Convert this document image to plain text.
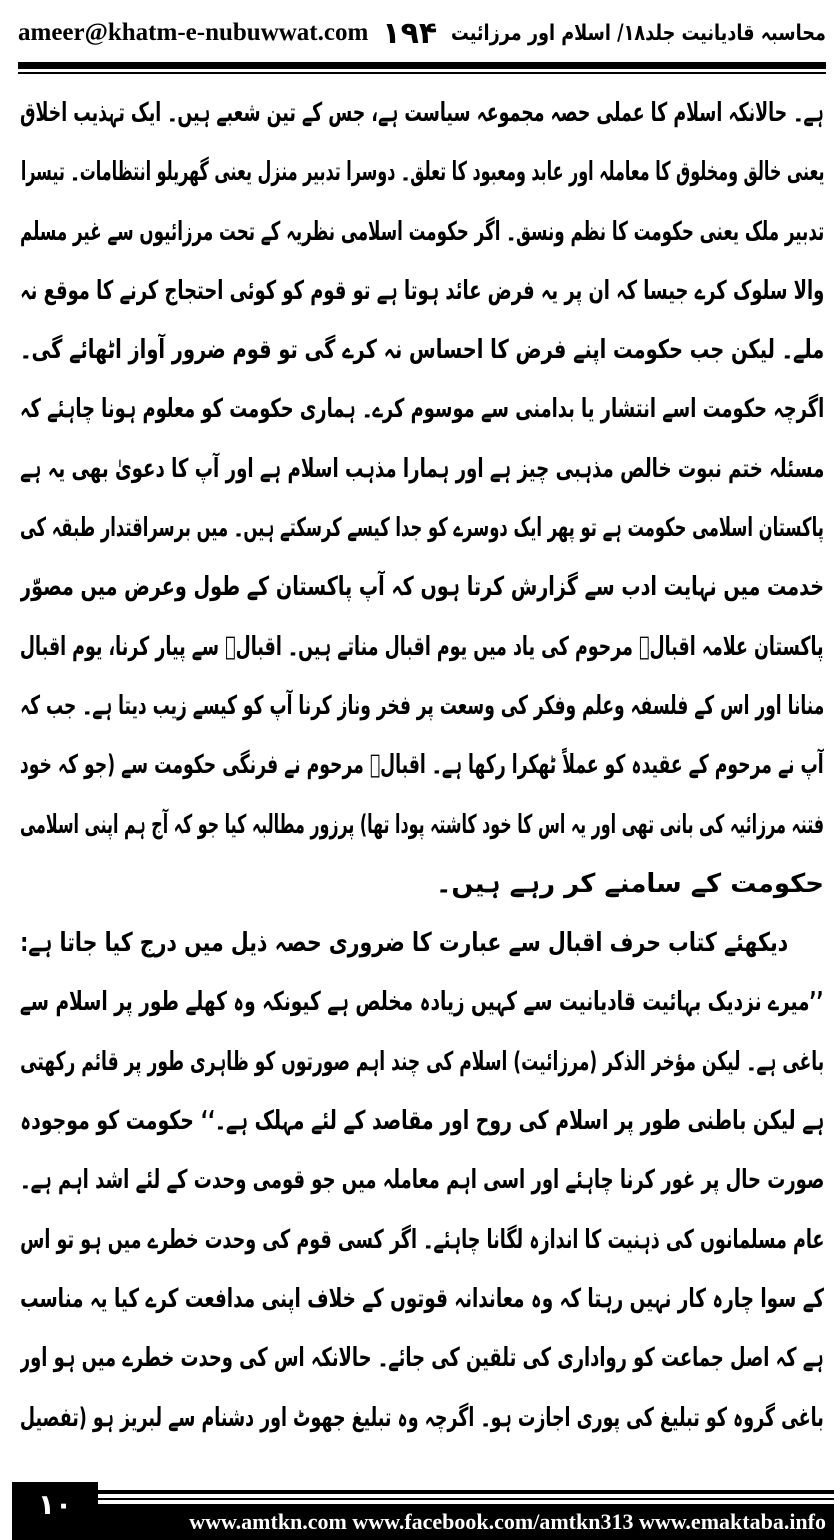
ameer@khatm-e-nubuwwat.com ۱۹۴ محاسبہ قادیانیت جلد۱۸/ اسلام اور مرزائیت
ہے۔ حالانکہ اسلام کا عملی حصہ مجموعہ سیاست ہے، جس کے تین شعبے ہیں۔ ایک تہذیب اخلاق
یعنی خالق ومخلوق کا معاملہ اور عابد ومعبود کا تعلق۔ دوسرا تدبیر منزل یعنی گھریلو انتظامات۔ تیسرا
تدبیر ملک یعنی حکومت کا نظم ونسق۔ اگر حکومت اسلامی نظریہ کے تحت مرزائیوں سے غیر مسلم
والا سلوک کرے جیسا کہ ان پر یہ فرض عائد ہوتا ہے تو قوم کو کوئی احتجاج کرنے کا موقع نہ
ملے۔ لیکن جب حکومت اپنے فرض کا احساس نہ کرے گی تو قوم ضرور آواز اٹھائے گی۔
اگرچہ حکومت اسے انتشار یا بدامنی سے موسوم کرے۔ ہماری حکومت کو معلوم ہونا چاہئے کہ
مسئلہ ختم نبوت خالص مذہبی چیز ہے اور ہمارا مذہب اسلام ہے اور آپ کا دعویٰ بھی یہ ہے
پاکستان اسلامی حکومت ہے تو پھر ایک دوسرے کو جدا کیسے کرسکتے ہیں۔ میں برسراقتدار طبقہ کی
خدمت میں نہایت ادب سے گزارش کرتا ہوں کہ آپ پاکستان کے طول وعرض میں مصوّر
پاکستان علامہ اقبالؒ مرحوم کی یاد میں یوم اقبال مناتے ہیں۔ اقبالؒ سے پیار کرنا، یوم اقبال
منانا اور اس کے فلسفہ وعلم وفکر کی وسعت پر فخر وناز کرنا آپ کو کیسے زیب دیتا ہے۔ جب کہ
آپ نے مرحوم کے عقیدہ کو عملاً ٹھکرا رکھا ہے۔ اقبالؒ مرحوم نے فرنگی حکومت سے (جو کہ خود
فتنہ مرزائیہ کی بانی تھی اور یہ اس کا خود کاشتہ پودا تھا) پرزور مطالبہ کیا جو کہ آج ہم اپنی اسلامی
حکومت کے سامنے کر رہے ہیں۔
دیکھئے کتاب حرف اقبال سے عبارت کا ضروری حصہ ذیل میں درج کیا جاتا ہے:
’’میرے نزدیک بہائیت قادیانیت سے کہیں زیادہ مخلص ہے کیونکہ وہ کھلے طور پر اسلام سے
باغی ہے۔ لیکن مؤخر الذکر (مرزائیت) اسلام کی چند اہم صورتوں کو ظاہری طور پر قائم رکھتی
ہے لیکن باطنی طور پر اسلام کی روح اور مقاصد کے لئے مہلک ہے۔‘‘ حکومت کو موجودہ
صورت حال پر غور کرنا چاہئے اور اسی اہم معاملہ میں جو قومی وحدت کے لئے اشد اہم ہے۔
عام مسلمانوں کی ذہنیت کا اندازہ لگانا چاہئے۔ اگر کسی قوم کی وحدت خطرے میں ہو تو اس
کے سوا چارہ کار نہیں رہتا کہ وہ معاندانہ قوتوں کے خلاف اپنی مدافعت کرے کیا یہ مناسب
ہے کہ اصل جماعت کو رواداری کی تلقین کی جائے۔ حالانکہ اس کی وحدت خطرے میں ہو اور
باغی گروہ کو تبلیغ کی پوری اجازت ہو۔ اگرچہ وہ تبلیغ جھوٹ اور دشنام سے لبریز ہو (تفصیل
۱۰
www.amtkn.com www.facebook.com/amtkn313 www.emaktaba.info
